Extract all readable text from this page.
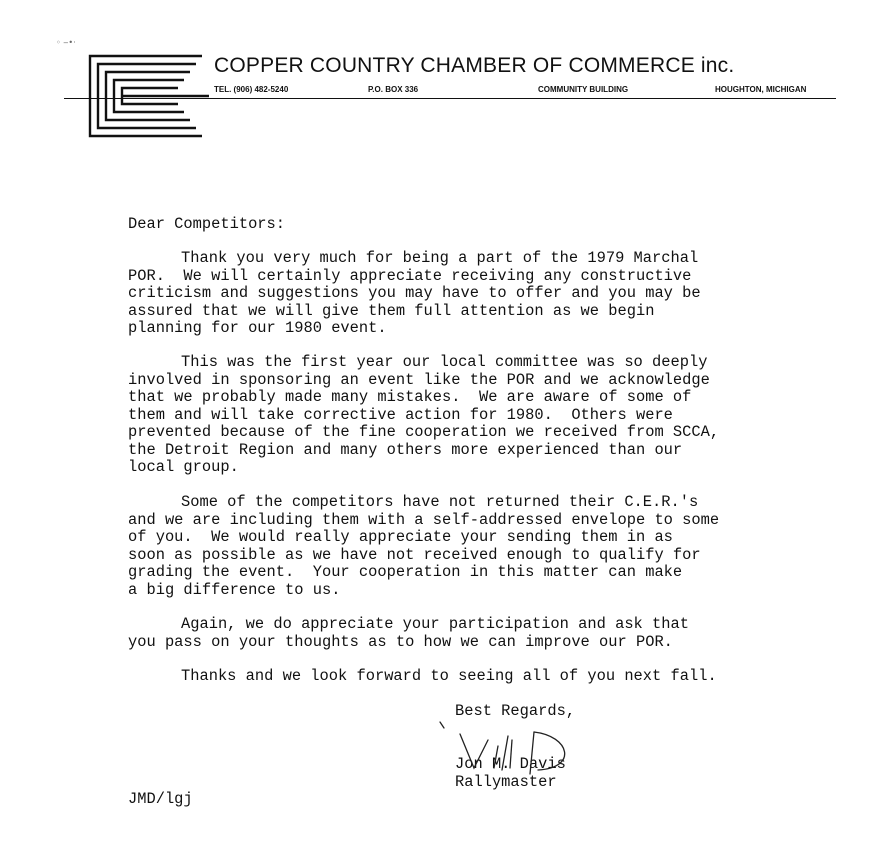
◦ ‒•·
COPPER COUNTRY CHAMBER OF COMMERCE inc.
TEL. (906) 482-5240	P.O. BOX 336	COMMUNITY BUILDING	HOUGHTON, MICHIGAN
Dear Competitors:
Thank you very much for being a part of the 1979 Marchal
POR.  We will certainly appreciate receiving any constructive
criticism and suggestions you may have to offer and you may be
assured that we will give them full attention as we begin
planning for our 1980 event.
This was the first year our local committee was so deeply
involved in sponsoring an event like the POR and we acknowledge
that we probably made many mistakes.  We are aware of some of
them and will take corrective action for 1980.  Others were
prevented because of the fine cooperation we received from SCCA,
the Detroit Region and many others more experienced than our
local group.
Some of the competitors have not returned their C.E.R.'s
and we are including them with a self-addressed envelope to some
of you.  We would really appreciate your sending them in as
soon as possible as we have not received enough to qualify for
grading the event.  Your cooperation in this matter can make
a big difference to us.
Again, we do appreciate your participation and ask that
you pass on your thoughts as to how we can improve our POR.
Thanks and we look forward to seeing all of you next fall.
Best Regards,
Jon M. Davis
Rallymaster
JMD/lgj
